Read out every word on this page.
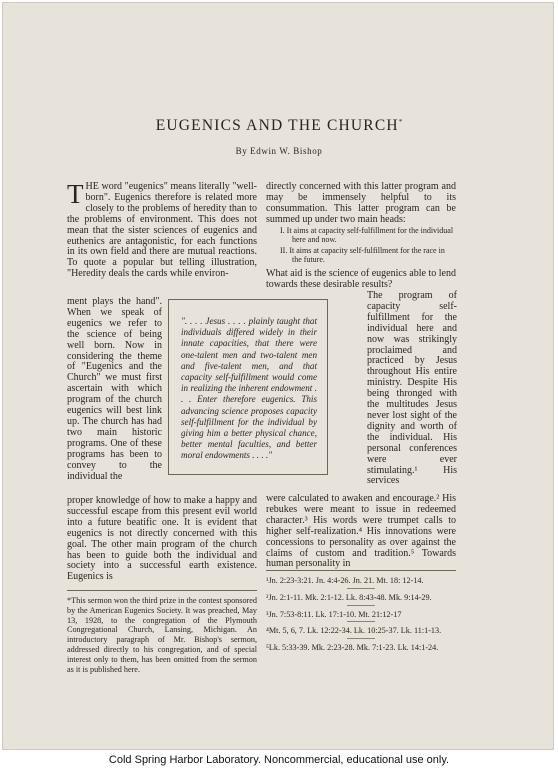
EUGENICS AND THE CHURCH*
By Edwin W. Bishop

THE word "eugenics" means literally "well-born". Eugenics therefore is related more closely to the problems of heredity than to the problems of environment. This does not mean that the sister sciences of eugenics and euthenics are antagonistic, for each functions in its own field and there are mutual reactions. To quote a popular but telling illustration, "Heredity deals the cards while environ-

ment plays the hand". When we speak of eugenics we refer to the science of being well born. Now in considering the theme of "Eugenics and the Church" we must first ascertain with which program of the church eugenics will best link up. The church has had two main historic programs. One of these programs has been to convey to the individual the

proper knowledge of how to make a happy and successful escape from this present evil world into a future beatific one. It is evident that eugenics is not directly concerned with this goal. The other main program of the church has been to guide both the individual and society into a successful earth existence. Eugenics is

directly concerned with this latter program and may be immensely helpful to its consummation. This latter program can be summed up under two main heads:

I. It aims at capacity self-fulfillment for the individual here and now.
II. It aims at capacity self-fulfillment for the race in the future.

What aid is the science of eugenics able to lend towards these desirable results?

The program of capacity self-fulfillment for the individual here and now was strikingly proclaimed and practiced by Jesus throughout His entire ministry. Despite His being thronged with the multitudes Jesus never lost sight of the dignity and worth of the individual. His personal conferences were ever stimulating.¹ His services

were calculated to awaken and encourage.² His rebukes were meant to issue in redeemed character.³ His words were trumpet calls to higher self-realization.⁴ His innovations were concessions to personality as over against the claims of custom and tradition.⁵ Towards human personality in

". . . . Jesus . . . . plainly taught that individuals differed widely in their innate capacities, that there were one-talent men and two-talent men and five-talent men, and that capacity self-fulfillment would come in realizing the inherent endowment . . . Enter therefore eugenics. This advancing science proposes capacity self-fulfillment for the individual by giving him a better physical chance, better mental faculties, and better moral endowments . . . ."
*This sermon won the third prize in the contest sponsored by the American Eugenics Society. It was preached, May 13, 1928, to the congregation of the Plymouth Congregational Church, Lansing, Michigan. An introductory paragraph of Mr. Bishop's sermon, addressed directly to his congregation, and of special interest only to them, has been omitted from the sermon as it is published here.
¹Jn. 2:23-3:21. Jn. 4:4-26. Jn. 21. Mt. 18: 12-14.
²Jn. 2:1-11. Mk. 2:1-12. Lk. 8:43-48. Mk. 9:14-29.
³Jn. 7:53-8:11. Lk. 17:1-10. Mt. 21:12-17
⁴Mt. 5, 6, 7. Lk. 12:22-34. Lk. 10:25-37. Lk. 11:1-13.
⁵Lk. 5:33-39. Mk. 2:23-28. Mk. 7:1-23. Lk. 14:1-24.
Cold Spring Harbor Laboratory. Noncommercial, educational use only.
